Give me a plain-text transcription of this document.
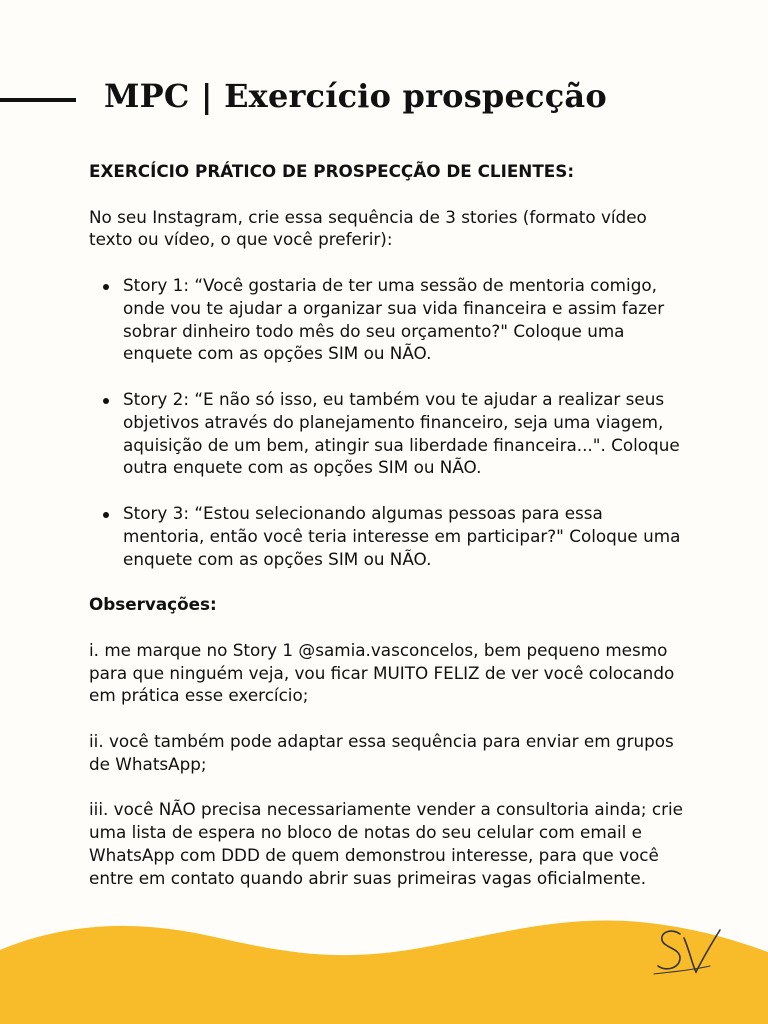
MPC | Exercício prospecção

EXERCÍCIO PRÁTICO DE PROSPECÇÃO DE CLIENTES:

No seu Instagram, crie essa sequência de 3 stories (formato vídeo texto ou vídeo, o que você preferir):

Story 1: “Você gostaria de ter uma sessão de mentoria comigo, onde vou te ajudar a organizar sua vida financeira e assim fazer sobrar dinheiro todo mês do seu orçamento?" Coloque uma enquete com as opções SIM ou NÃO.
Story 2: “E não só isso, eu também vou te ajudar a realizar seus objetivos através do planejamento financeiro, seja uma viagem, aquisição de um bem, atingir sua liberdade financeira...". Coloque outra enquete com as opções SIM ou NÃO.
Story 3: “Estou selecionando algumas pessoas para essa mentoria, então você teria interesse em participar?" Coloque uma enquete com as opções SIM ou NÃO.

Observações:

i. me marque no Story 1 @samia.vasconcelos, bem pequeno mesmo para que ninguém veja, vou ficar MUITO FELIZ de ver você colocando em prática esse exercício;

ii. você também pode adaptar essa sequência para enviar em grupos de WhatsApp;

iii. você NÃO precisa necessariamente vender a consultoria ainda; crie uma lista de espera no bloco de notas do seu celular com email e WhatsApp com DDD de quem demonstrou interesse, para que você entre em contato quando abrir suas primeiras vagas oficialmente.
